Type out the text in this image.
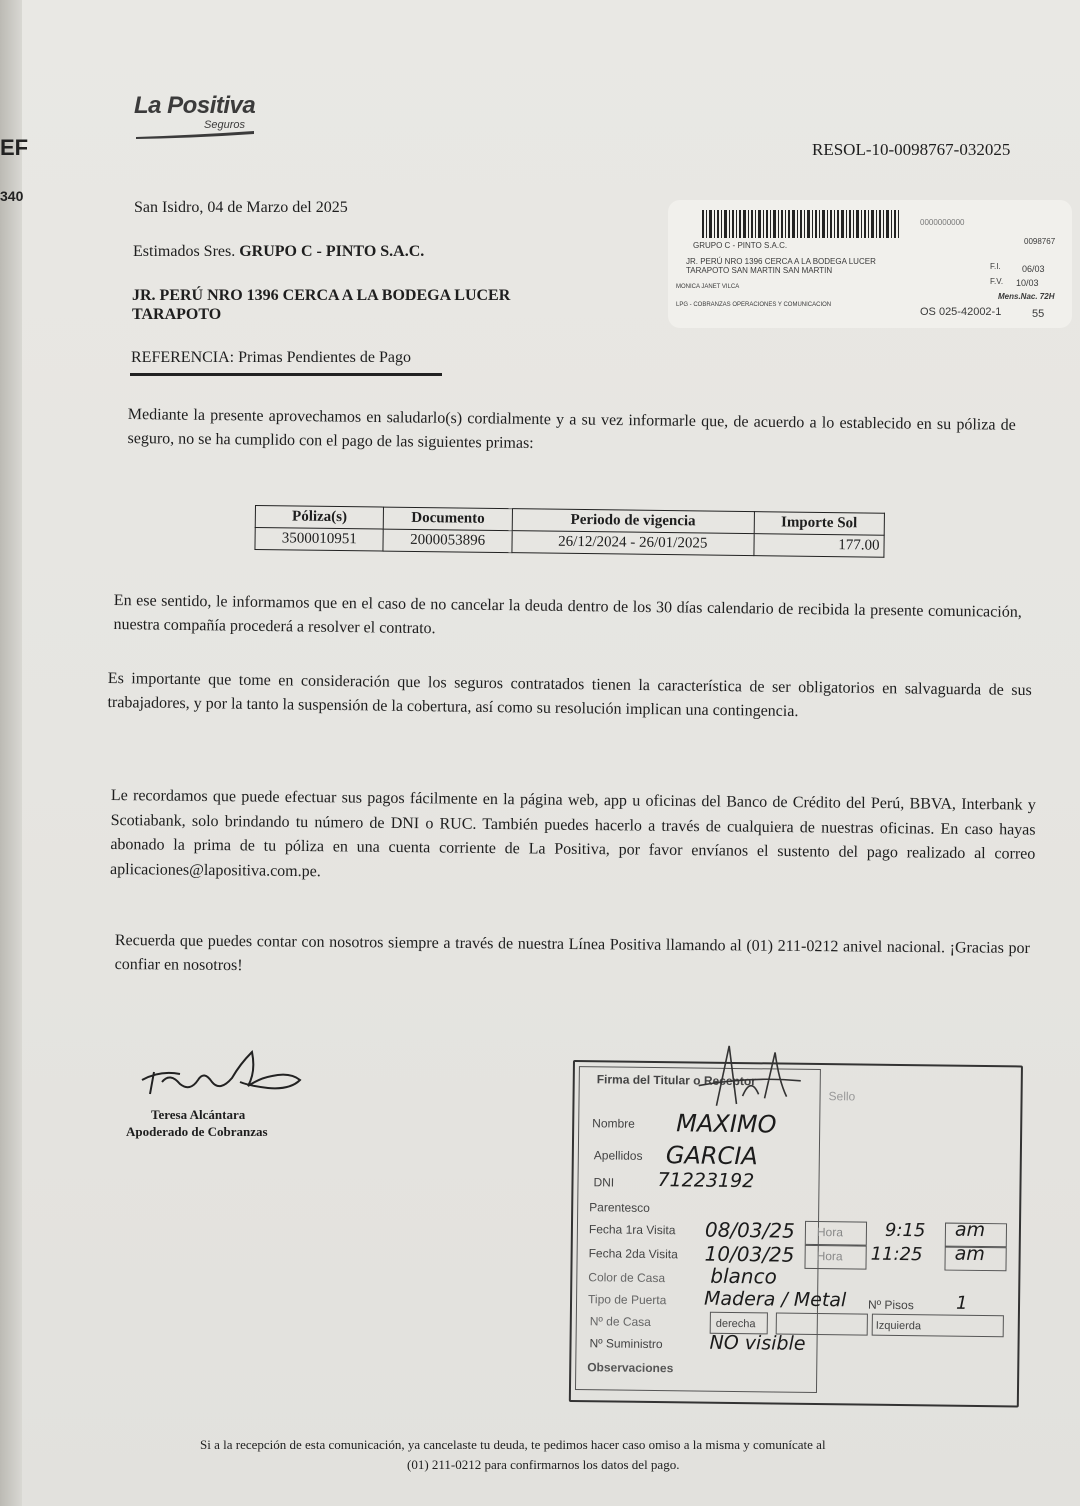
EF
340
La Positiva
Seguros
RESOL-10-0098767-032025
San Isidro, 04 de Marzo del 2025
Estimados Sres. GRUPO C - PINTO S.A.C.
JR. PERÚ NRO 1396 CERCA A LA BODEGA LUCER
TARAPOTO
REFERENCIA: Primas Pendientes de Pago
0000000000
GRUPO C - PINTO S.A.C.	0098767
JR. PERÚ NRO 1396 CERCA A LA BODEGA LUCER
TARAPOTO SAN MARTIN SAN MARTIN	F.I. 06/03
F.V. 10/03
MONICA JANET VILCA
Mens.Nac. 72H
LPG - COBRANZAS OPERACIONES Y COMUNICACION
OS 025-42002-1	55
Mediante la presente aprovechamos en saludarlo(s) cordialmente y a su vez informarle que, de acuerdo a lo establecido en su póliza de seguro, no se ha cumplido con el pago de las siguientes primas:
Póliza(s)	Documento	Periodo de vigencia	Importe Sol
3500010951	2000053896	26/12/2024 - 26/01/2025	177.00
En ese sentido, le informamos que en el caso de no cancelar la deuda dentro de los 30 días calendario de recibida la presente comunicación, nuestra compañía procederá a resolver el contrato.
Es importante que tome en consideración que los seguros contratados tienen la característica de ser obligatorios en salvaguarda de sus trabajadores, y por la tanto la suspensión de la cobertura, así como su resolución implican una contingencia.
Le recordamos que puede efectuar sus pagos fácilmente en la página web, app u oficinas del Banco de Crédito del Perú, BBVA, Interbank y Scotiabank, solo brindando tu número de DNI o RUC. También puedes hacerlo a través de cualquiera de nuestras oficinas. En caso hayas abonado la prima de tu póliza en una cuenta corriente de La Positiva, por favor envíanos el sustento del pago realizado al correo aplicaciones@lapositiva.com.pe.
Recuerda que puedes contar con nosotros siempre a través de nuestra Línea Positiva llamando al (01) 211-0212 anivel nacional. ¡Gracias por confiar en nosotros!
Teresa Alcántara
Apoderado de Cobranzas
Firma del Titular o Receptor
Sello
Nombre MAXIMO
Apellidos GARCIA
DNI 71223192
Parentesco
Fecha 1ra Visita 08/03/25 Hora 9:15 am
Fecha 2da Visita 10/03/25 Hora 11:25 am
Color de Casa blanco
Tipo de Puerta Madera / Metal Nº Pisos 1
Nº de Casa	derecha	Izquierda
Nº Suministro NO visible
Observaciones
Si a la recepción de esta comunicación, ya cancelaste tu deuda, te pedimos hacer caso omiso a la misma y comunícate al
(01) 211-0212 para confirmarnos los datos del pago.
